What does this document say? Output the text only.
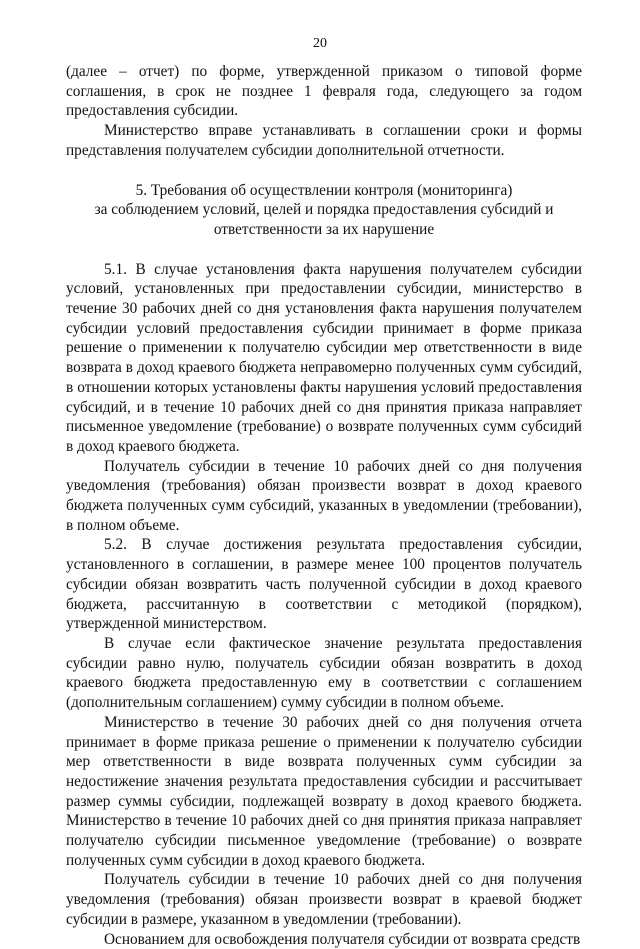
20

(далее – отчет) по форме, утвержденной приказом о типовой форме соглашения, в срок не позднее 1 февраля года, следующего за годом предоставления субсидии.

Министерство вправе устанавливать в соглашении сроки и формы представления получателем субсидии дополнительной отчетности.

5. Требования об осуществлении контроля (мониторинга)
за соблюдением условий, целей и порядка предоставления субсидий и
ответственности за их нарушение

5.1. В случае установления факта нарушения получателем субсидии условий, установленных при предоставлении субсидии, министерство в течение 30 рабочих дней со дня установления факта нарушения получателем субсидии условий предоставления субсидии принимает в форме приказа решение о применении к получателю субсидии мер ответственности в виде возврата в доход краевого бюджета неправомерно полученных сумм субсидий, в отношении которых установлены факты нарушения условий предоставления субсидий, и в течение 10 рабочих дней со дня принятия приказа направляет письменное уведомление (требование) о возврате полученных сумм субсидий в доход краевого бюджета.

Получатель субсидии в течение 10 рабочих дней со дня получения уведомления (требования) обязан произвести возврат в доход краевого бюджета полученных сумм субсидий, указанных в уведомлении (требовании), в полном объеме.

5.2. В случае достижения результата предоставления субсидии, установленного в соглашении, в размере менее 100 процентов получатель субсидии обязан возвратить часть полученной субсидии в доход краевого бюджета, рассчитанную в соответствии с методикой (порядком), утвержденной министерством.

В случае если фактическое значение результата предоставления субсидии равно нулю, получатель субсидии обязан возвратить в доход краевого бюджета предоставленную ему в соответствии с соглашением (дополнительным соглашением) сумму субсидии в полном объеме.

Министерство в течение 30 рабочих дней со дня получения отчета принимает в форме приказа решение о применении к получателю субсидии мер ответственности в виде возврата полученных сумм субсидии за недостижение значения результата предоставления субсидии и рассчитывает размер суммы субсидии, подлежащей возврату в доход краевого бюджета. Министерство в течение 10 рабочих дней со дня принятия приказа направляет получателю субсидии письменное уведомление (требование) о возврате полученных сумм субсидии в доход краевого бюджета.

Получатель субсидии в течение 10 рабочих дней со дня получения уведомления (требования) обязан произвести возврат в краевой бюджет субсидии в размере, указанном в уведомлении (требовании).

Основанием для освобождения получателя субсидии от возврата средств
